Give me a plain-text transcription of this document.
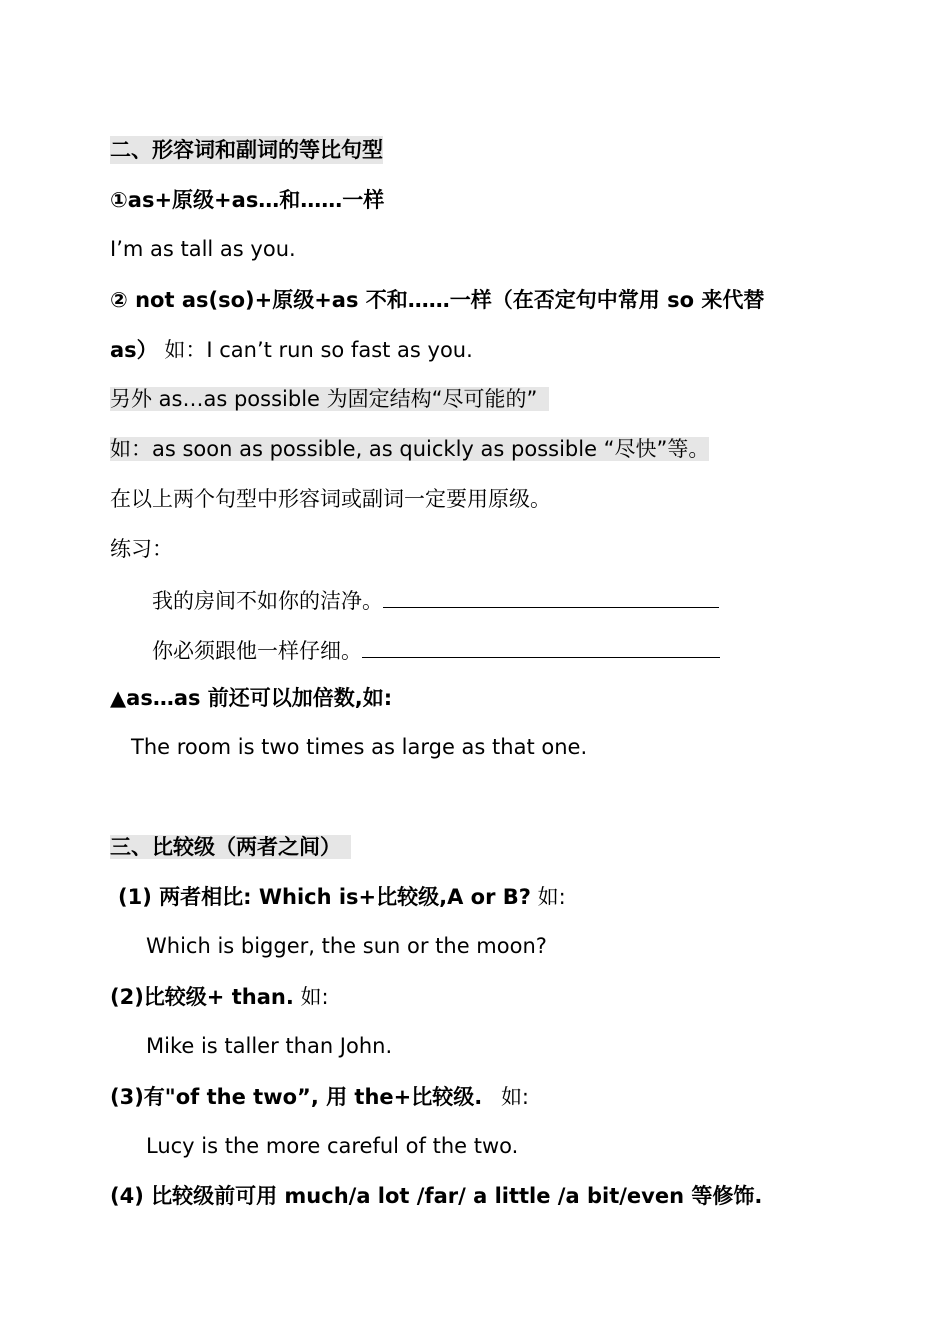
二、形容词和副词的等比句型
①as+原级+as…和……一样
I’m as tall as you.
② not as(so)+原级+as 不和……一样（在否定句中常用 so 来代替
as） 如：I can’t run so fast as you.
另外 as…as possible 为固定结构“尽可能的”
如：as soon as possible, as quickly as possible “尽快”等。
在以上两个句型中形容词或副词一定要用原级。
练习：
我的房间不如你的洁净。
你必须跟他一样仔细。
▲as…as 前还可以加倍数,如:
The room is two times as large as that one.
三、比较级（两者之间）
(1) 两者相比: Which is+比较级,A or B? 如:
Which is bigger, the sun or the moon?
(2)比较级+ than. 如:
Mike is taller than John.
(3)有"of the two”, 用 the+比较级. 如:
Lucy is the more careful of the two.
(4) 比较级前可用 much/a lot /far/ a little /a bit/even 等修饰.
